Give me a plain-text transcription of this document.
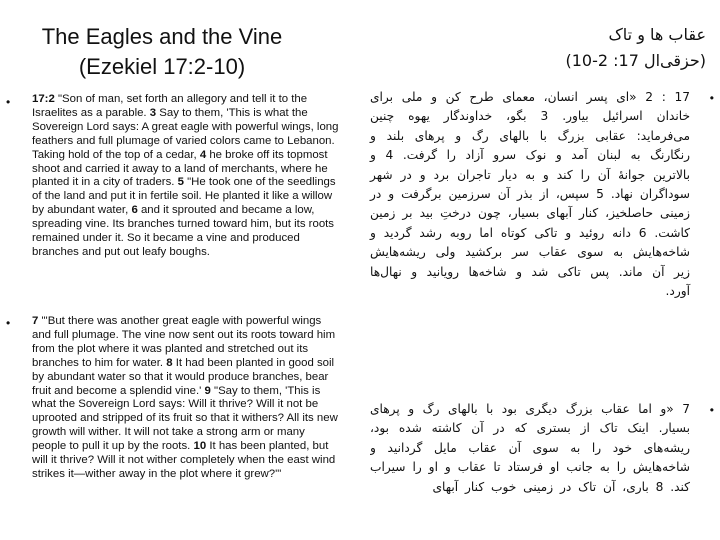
The Eagles and the Vine
(Ezekiel 17:2-10)
• 17:2 "Son of man, set forth an allegory and tell it to the Israelites as a parable. 3 Say to them, 'This is what the Sovereign Lord says: A great eagle with powerful wings, long feathers and full plumage of varied colors came to Lebanon. Taking hold of the top of a cedar, 4 he broke off its topmost shoot and carried it away to a land of merchants, where he planted it in a city of traders. 5 "He took one of the seedlings of the land and put it in fertile soil. He planted it like a willow by abundant water, 6 and it sprouted and became a low, spreading vine. Its branches turned toward him, but its roots remained under it. So it became a vine and produced branches and put out leafy boughs.
• 7 "'But there was another great eagle with powerful wings and full plumage. The vine now sent out its roots toward him from the plot where it was planted and stretched out its branches to him for water. 8 It had been planted in good soil by abundant water so that it would produce branches, bear fruit and become a splendid vine.' 9 "Say to them, 'This is what the Sovereign Lord says: Will it thrive? Will it not be uprooted and stripped of its fruit so that it withers? All its new growth will wither. It will not take a strong arm or many people to pull it up by the roots. 10 It has been planted, but will it thrive? Will it not wither completely when the east wind strikes it—wither away in the plot where it grew?'"
عقاب ها و تاک
(حزقی‌ال 17: 2-10)
•
17 : 2 «ای پسر انسان، معمای طرح کن و ملی برای خاندان اسرائیل بیاور. 3 بگو، خداوندگار یهوه چنین می‌فرماید: عقابی بزرگ با بالهای رگ و پرهای بلند و رنگارنگ به لبنان آمد و نوک سرو آزاد را گرفت. 4 و بالاترین جوانهٔ آن را کند و به دیار تاجران برد و در شهر سوداگران نهاد. 5 سپس، از بذر آن سرزمین برگرفت و در زمینی حاصلخیز، کنار آبهای بسیار، چون درختِ بید بر زمین کاشت. 6 دانه روئید و تاکی کوتاه اما روبه رشد گردید و شاخه‌هایش به سوی عقاب سر برکشید ولی ریشه‌هایش زیر آن ماند. پس تاکی شد و شاخه‌ها رویانید و نهال‌ها آورد.
•
7 «و اما عقاب بزرگ دیگری بود با بالهای رگ و پرهای بسیار. اینک تاک از بستری که در آن کاشته شده بود، ریشه‌های خود را به سوی آن عقاب مایل گردانید و شاخه‌هایش را به جانب او فرستاد تا عقاب و او را سیراب کند. 8 باری، آن تاک در زمینی خوب کنار آبهای
